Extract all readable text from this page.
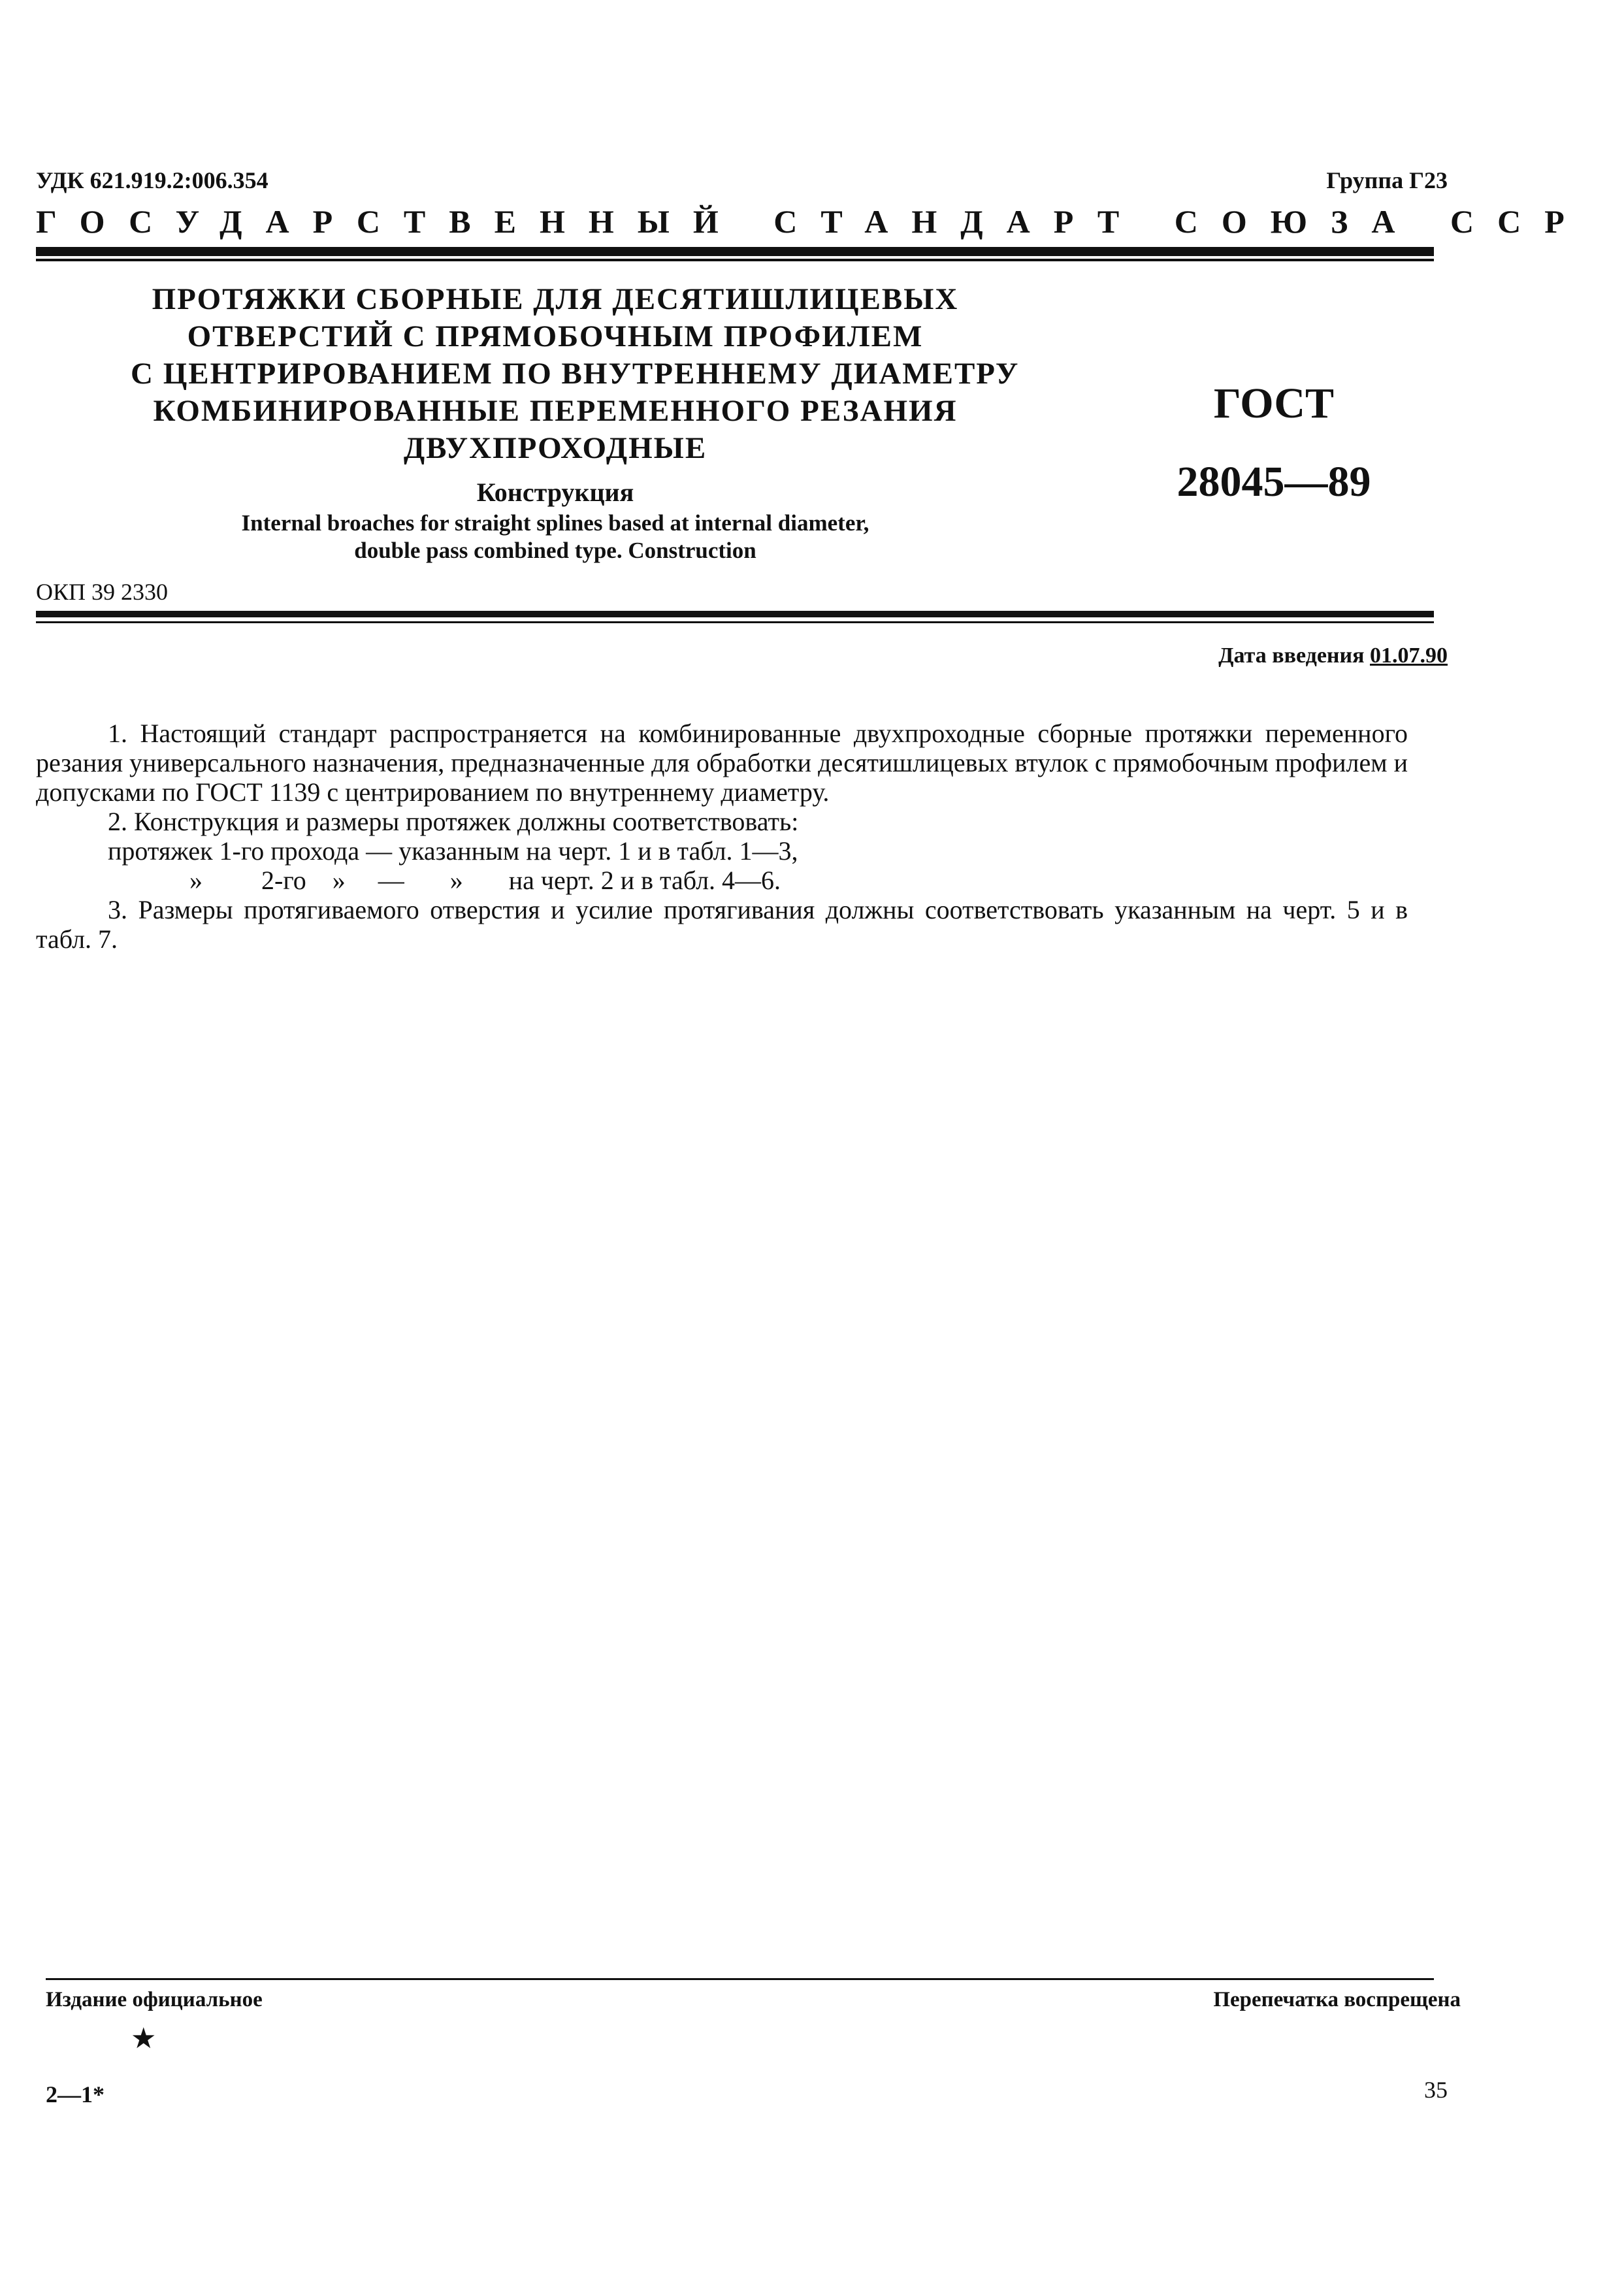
УДК 621.919.2:006.354	Группа Г23
ГОСУДАРСТВЕННЫЙ СТАНДАРТ СОЮЗА ССР
ПРОТЯЖКИ СБОРНЫЕ ДЛЯ ДЕСЯТИШЛИЦЕВЫХ
ОТВЕРСТИЙ С ПРЯМОБОЧНЫМ ПРОФИЛЕМ
С ЦЕНТРИРОВАНИЕМ ПО ВНУТРЕННЕМУ ДИАМЕТРУ
КОМБИНИРОВАННЫЕ ПЕРЕМЕННОГО РЕЗАНИЯ
ДВУХПРОХОДНЫЕ
Конструкция
Internal broaches for straight splines based at internal diameter,
double pass combined type. Construction
ГОСТ
28045—89
ОКП 39 2330
Дата введения 01.07.90

1. Настоящий стандарт распространяется на комбинированные двухпроходные сборные протяжки переменного резания универсального назначения, предназначенные для обработки десятишлицевых втулок с прямобочным профилем и допусками по ГОСТ 1139 с центрированием по внутреннему диаметру.

2. Конструкция и размеры протяжек должны соответствовать:

протяжек 1-го прохода — указанным на черт. 1 и в табл. 1—3,

»         2-го    »     —       »       на черт. 2 и в табл. 4—6.

3. Размеры протягиваемого отверстия и усилие протягивания должны соответствовать указанным на черт. 5 и в табл. 7.

Издание официальное
★
Перепечатка воспрещена
2—1*	35
